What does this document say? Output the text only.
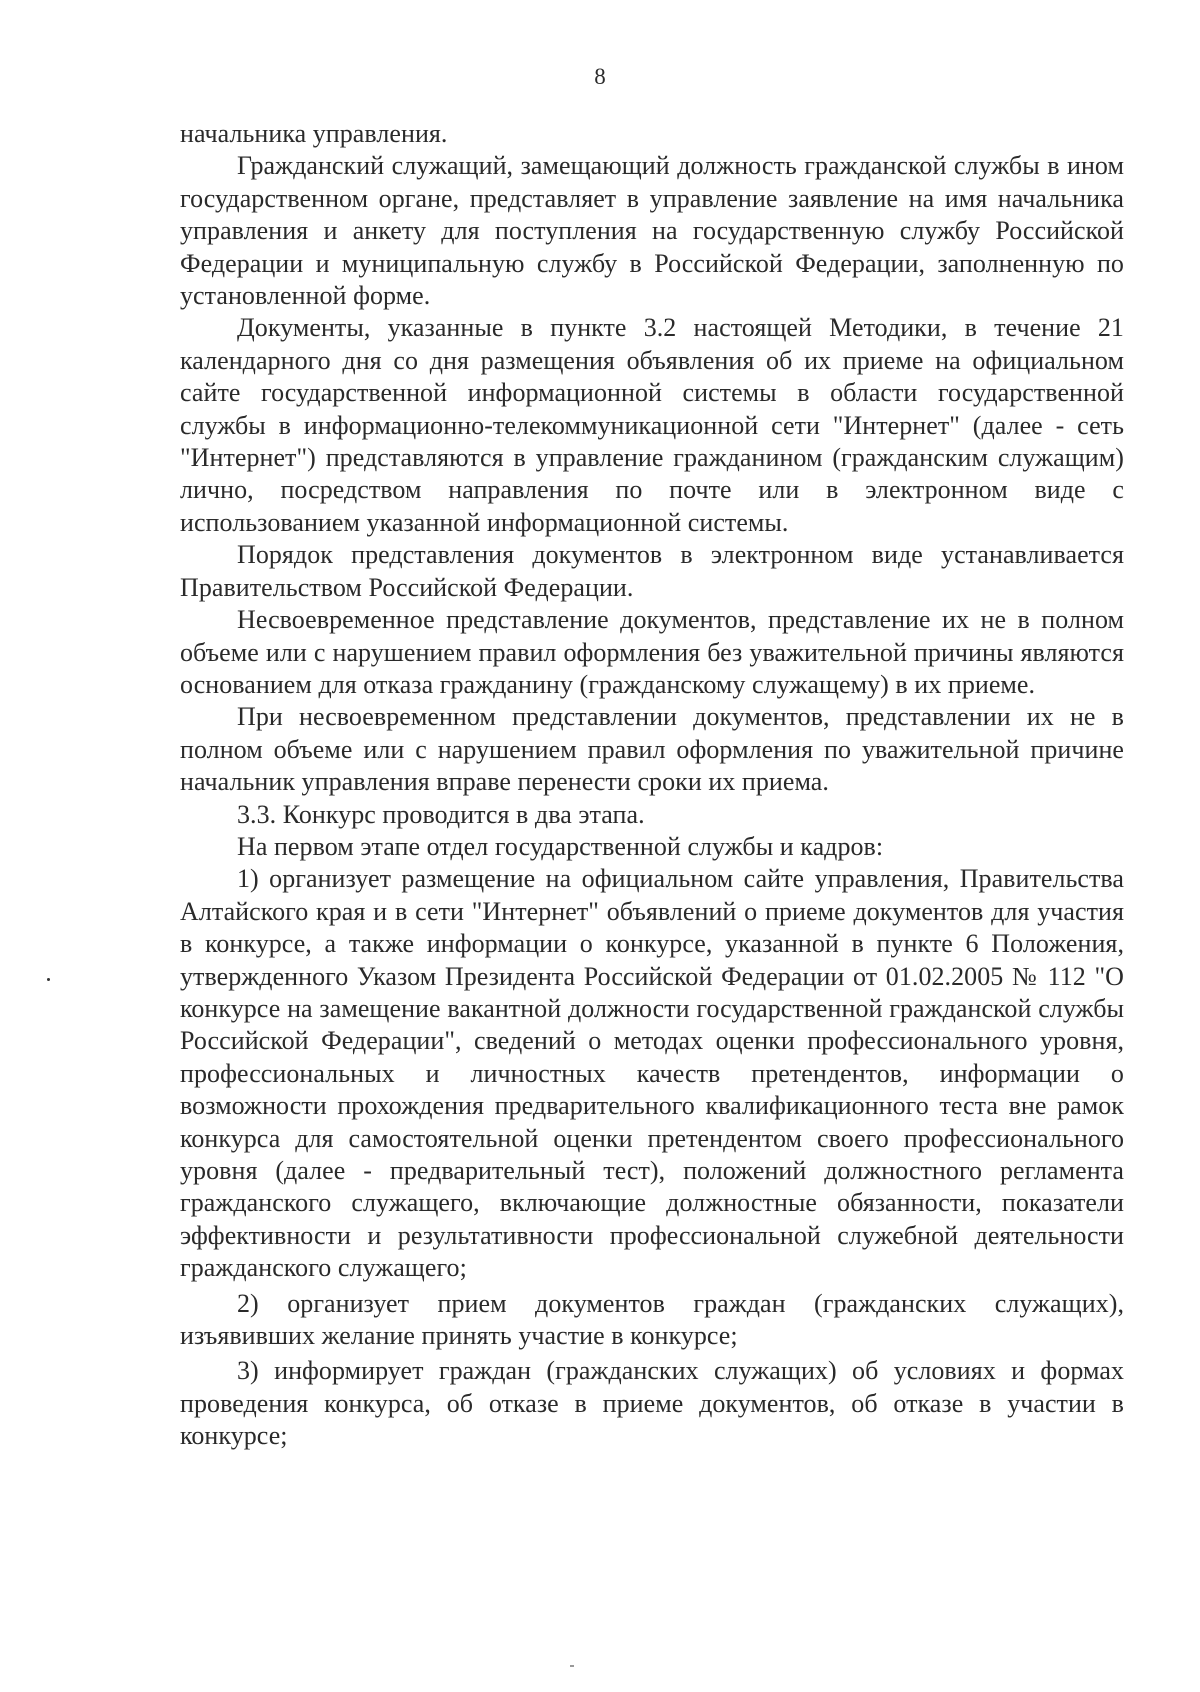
8

начальника управления.

Гражданский служащий, замещающий должность гражданской службы в ином государственном органе, представляет в управление заявление на имя начальника управления и анкету для поступления на государственную службу Российской Федерации и муниципальную службу в Российской Федерации, заполненную по установленной форме.

Документы, указанные в пункте 3.2 настоящей Методики, в течение 21 календарного дня со дня размещения объявления об их приеме на официальном сайте государственной информационной системы в области государственной службы в информационно-телекоммуникационной сети "Интернет" (далее - сеть "Интернет") представляются в управление гражданином (гражданским служащим) лично, посредством направления по почте или в электронном виде с использованием указанной информационной системы.

Порядок представления документов в электронном виде устанавливается Правительством Российской Федерации.

Несвоевременное представление документов, представление их не в полном объеме или с нарушением правил оформления без уважительной причины являются основанием для отказа гражданину (гражданскому служащему) в их приеме.

При несвоевременном представлении документов, представлении их не в полном объеме или с нарушением правил оформления по уважительной причине начальник управления вправе перенести сроки их приема.

3.3. Конкурс проводится в два этапа.

На первом этапе отдел государственной службы и кадров:

1) организует размещение на официальном сайте управления, Правительства Алтайского края и в сети "Интернет" объявлений о приеме документов для участия в конкурсе, а также информации о конкурсе, указанной в пункте 6 Положения, утвержденного Указом Президента Российской Федерации от 01.02.2005 № 112 "О конкурсе на замещение вакантной должности государственной гражданской службы Российской Федерации", сведений о методах оценки профессионального уровня, профессиональных и личностных качеств претендентов, информации о возможности прохождения предварительного квалификационного теста вне рамок конкурса для самостоятельной оценки претендентом своего профессионального уровня (далее - предварительный тест), положений должностного регламента гражданского служащего, включающие должностные обязанности, показатели эффективности и результативности профессиональной служебной деятельности гражданского служащего;

2) организует прием документов граждан (гражданских служащих), изъявивших желание принять участие в конкурсе;

3) информирует граждан (гражданских служащих) об условиях и формах проведения конкурса, об отказе в приеме документов, об отказе в участии в конкурсе;
